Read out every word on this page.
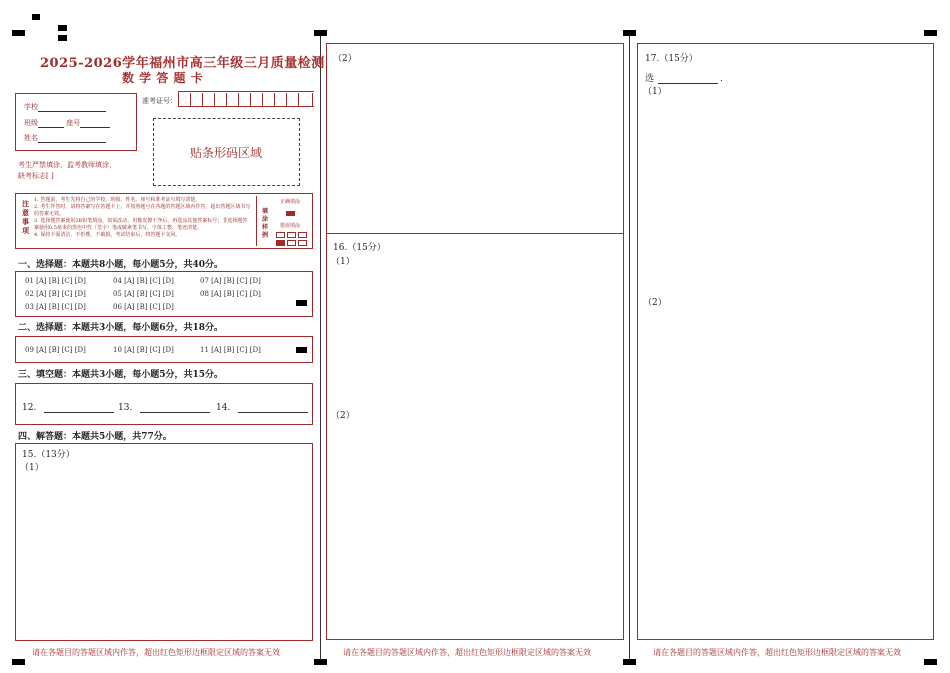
2025-2026学年福州市高三年级三月质量检测
数 学 答 题 卡
学校
班级	座号
姓名
准考证号：
贴条形码区域
考生严禁填涂，监考教师填涂，
缺考标志[ ]
注意事项
1. 答题前，考生先将自己的学校、班级、姓名、座号和准考证号填写清楚。
2. 考生作答时，请将答案写在答题卡上，并按照题号在各题的答题区域内作答，超出答题区域书写的答案无效。
3. 选择题答案使用2B铅笔填涂，如需改动，用橡皮擦干净后，再选涂其他答案标号；非选择题答案使用0.5毫米的黑色中性（签字）笔或碳素笔书写，字体工整、笔迹清楚。
4. 保持卡面清洁，不折叠，不破损，考试结束后，将答题卡交回。
填涂样例
正确填涂
错误填涂

一、选择题：本题共8小题，每小题5分，共40分。
01 [A] [B] [C] [D]	04 [A] [B] [C] [D]	07 [A] [B] [C] [D]
02 [A] [B] [C] [D]	05 [A] [B] [C] [D]	08 [A] [B] [C] [D]
03 [A] [B] [C] [D]	06 [A] [B] [C] [D]
二、选择题：本题共3小题，每小题6分，共18分。
09 [A] [B] [C] [D]	10 [A] [B] [C] [D]	11 [A] [B] [C] [D]
三、填空题：本题共3小题，每小题5分，共15分。
12.	13.	14.
四、解答题：本题共5小题，共77分。
15.（13分）
（1）
请在各题目的答题区域内作答，超出红色矩形边框限定区域的答案无效
（2）
16.（15分）
（1）
（2）
请在各题目的答题区域内作答，超出红色矩形边框限定区域的答案无效
17.（15分）
选	.
（1）
（2）
请在各题目的答题区域内作答，超出红色矩形边框限定区域的答案无效
